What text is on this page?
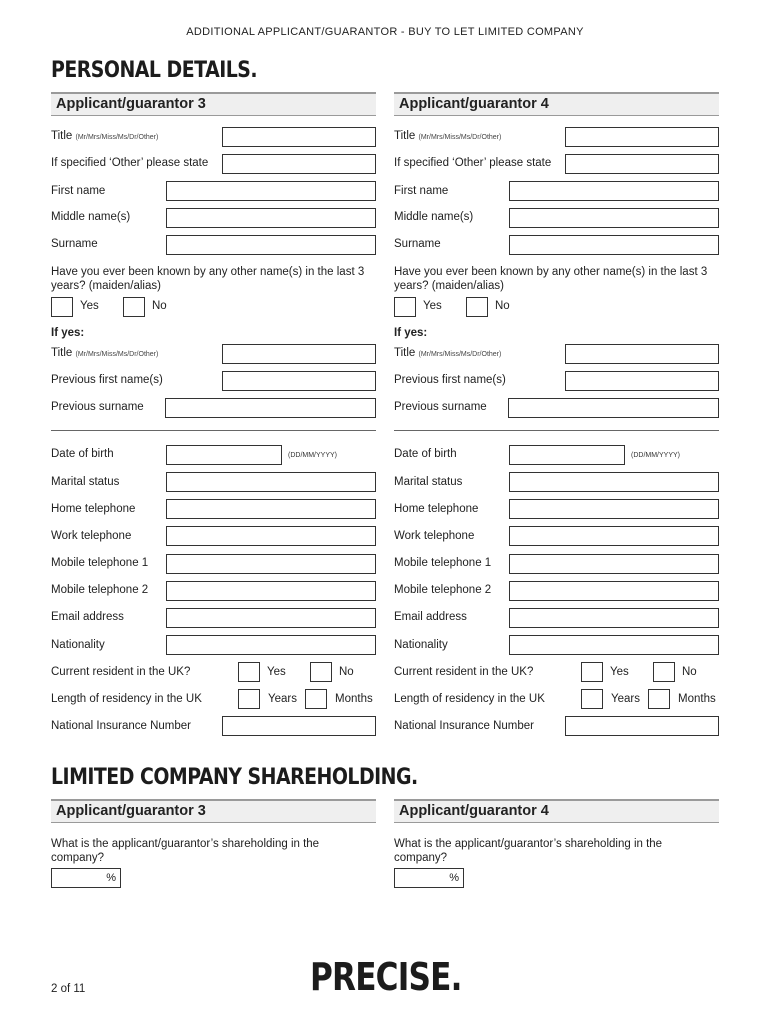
ADDITIONAL APPLICANT/GUARANTOR - BUY TO LET LIMITED COMPANY
PERSONAL DETAILS.
Applicant/guarantor 3
Title (Mr/Mrs/Miss/Ms/Dr/Other)
If specified ‘Other’ please state
First name
Middle name(s)
Surname
Have you ever been known by any other name(s) in the last 3 years? (maiden/alias)
Yes	No
If yes:
Title (Mr/Mrs/Miss/Ms/Dr/Other)
Previous first name(s)
Previous surname
Date of birth	(DD/MM/YYYY)
Marital status
Home telephone
Work telephone
Mobile telephone 1
Mobile telephone 2
Email address
Nationality
Current resident in the UK?	Yes	No
Length of residency in the UK	Years	Months
National Insurance Number
Applicant/guarantor 4
Title (Mr/Mrs/Miss/Ms/Dr/Other)
If specified ‘Other’ please state
First name
Middle name(s)
Surname
Have you ever been known by any other name(s) in the last 3 years? (maiden/alias)
Yes	No
If yes:
Title (Mr/Mrs/Miss/Ms/Dr/Other)
Previous first name(s)
Previous surname
Date of birth	(DD/MM/YYYY)
Marital status
Home telephone
Work telephone
Mobile telephone 1
Mobile telephone 2
Email address
Nationality
Current resident in the UK?	Yes	No
Length of residency in the UK	Years	Months
National Insurance Number
LIMITED COMPANY SHAREHOLDING.
Applicant/guarantor 3
What is the applicant/guarantor’s shareholding in the company?
%
Applicant/guarantor 4
What is the applicant/guarantor’s shareholding in the company?
%
2 of 11	PRECISE.
